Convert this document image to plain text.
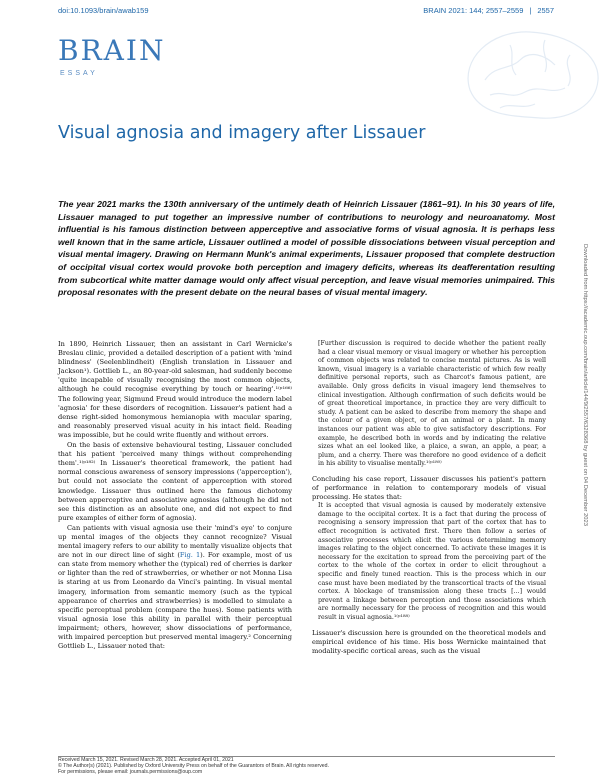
doi:10.1093/brain/awab159	BRAIN 2021: 144; 2557–2559 | 2557
BRAIN
ESSAY
Visual agnosia and imagery after Lissauer
Downloaded from https://academic.oup.com/brain/article/144/9/2557/6328368 by guest on 04 December 2023
The year 2021 marks the 130th anniversary of the untimely death of Heinrich Lissauer (1861–91). In his 30 years of life, Lissauer managed to put together an impressive number of contributions to neurology and neuroanatomy. Most influential is his famous distinction between apperceptive and associative forms of visual agnosia. It is perhaps less well known that in the same article, Lissauer outlined a model of possible dissociations between visual perception and visual mental imagery. Drawing on Hermann Munk's animal experiments, Lissauer proposed that complete destruction of occipital visual cortex would provoke both perception and imagery deficits, whereas its deafferentation resulting from subcortical white matter damage would only affect visual perception, and leave visual memories unimpaired. This proposal resonates with the present debate on the neural bases of visual mental imagery.

In 1890, Heinrich Lissauer, then an assistant in Carl Wernicke's Breslau clinic, provided a detailed description of a patient with 'mind blindness' (Seelenblindheit) (English translation in Lissauer and Jackson¹). Gottlieb L., an 80-year-old salesman, had suddenly become 'quite incapable of visually recognising the most common objects, although he could recognise everything by touch or hearing'.¹⁽ᵖ¹⁶⁶⁾ The following year, Sigmund Freud would introduce the modern label 'agnosia' for these disorders of recognition. Lissauer's patient had a dense right-sided homonymous hemianopia with macular sparing, and reasonably preserved visual acuity in his intact field. Reading was impossible, but he could write fluently and without errors.

On the basis of extensive behavioural testing, Lissauer concluded that his patient 'perceived many things without comprehending them'.¹⁽ᵖ¹⁸²⁾ In Lissauer's theoretical framework, the patient had normal conscious awareness of sensory impressions ('apperception'), but could not associate the content of apperception with stored knowledge. Lissauer thus outlined here the famous dichotomy between apperceptive and associative agnosias (although he did not see this distinction as an absolute one, and did not expect to find pure examples of either form of agnosia).

Can patients with visual agnosia use their 'mind's eye' to conjure up mental images of the objects they cannot recognize? Visual mental imagery refers to our ability to mentally visualize objects that are not in our direct line of sight (Fig. 1). For example, most of us can state from memory whether the (typical) red of cherries is darker or lighter than the red of strawberries, or whether or not Monna Lisa is staring at us from Leonardo da Vinci's painting. In visual mental imagery, information from semantic memory (such as the typical appearance of cherries and strawberries) is modelled to simulate a specific perceptual problem (compare the hues). Some patients with visual agnosia lose this ability in parallel with their perceptual impairment; others, however, show dissociations of performance, with impaired perception but preserved mental imagery.² Concerning Gottlieb L., Lissauer noted that:

[Further discussion is required to decide whether the patient really had a clear visual memory or visual imagery or whether his perception of common objects was related to concise mental pictures. As is well known, visual imagery is a variable characteristic of which few really definitive personal reports, such as Charcot's famous patient, are available. Only gross deficits in visual imagery lend themselves to clinical investigation. Although confirmation of such deficits would be of great theoretical importance, in practice they are very difficult to study. A patient can be asked to describe from memory the shape and the colour of a given object, or of an animal or a plant. In many instances our patient was able to give satisfactory descriptions. For example, he described both in words and by indicating the relative sizes what an eel looked like, a plaice, a swan, an apple, a pear, a plum, and a cherry. There was therefore no good evidence of a deficit in his ability to visualise mentally.¹⁽ᵖ¹⁸⁰⁾

Concluding his case report, Lissauer discusses his patient's pattern of performance in relation to contemporary models of visual processing. He states that:

It is accepted that visual agnosia is caused by moderately extensive damage to the occipital cortex. It is a fact that during the process of recognising a sensory impression that part of the cortex that has to effect recognition is activated first. There then follow a series of associative processes which elicit the various determining memory images relating to the object concerned. To activate these images it is necessary for the excitation to spread from the perceiving part of the cortex to the whole of the cortex in order to elicit throughout a specific and finely tuned reaction. This is the process which in our case must have been mediated by the transcortical tracts of the visual cortex. A blockage of transmission along these tracts [...] would prevent a linkage between perception and those associations which are normally necessary for the process of recognition and this would result in visual agnosia.¹⁽ᵖ¹⁸⁸⁾

Lissauer's discussion here is grounded on the theoretical models and empirical evidence of his time. His boss Wernicke maintained that modality-specific cortical areas, such as the visual

Received March 15, 2021. Revised March 28, 2021. Accepted April 01, 2021
© The Author(s) (2021). Published by Oxford University Press on behalf of the Guarantors of Brain. All rights reserved.
For permissions, please email: journals.permissions@oup.com
